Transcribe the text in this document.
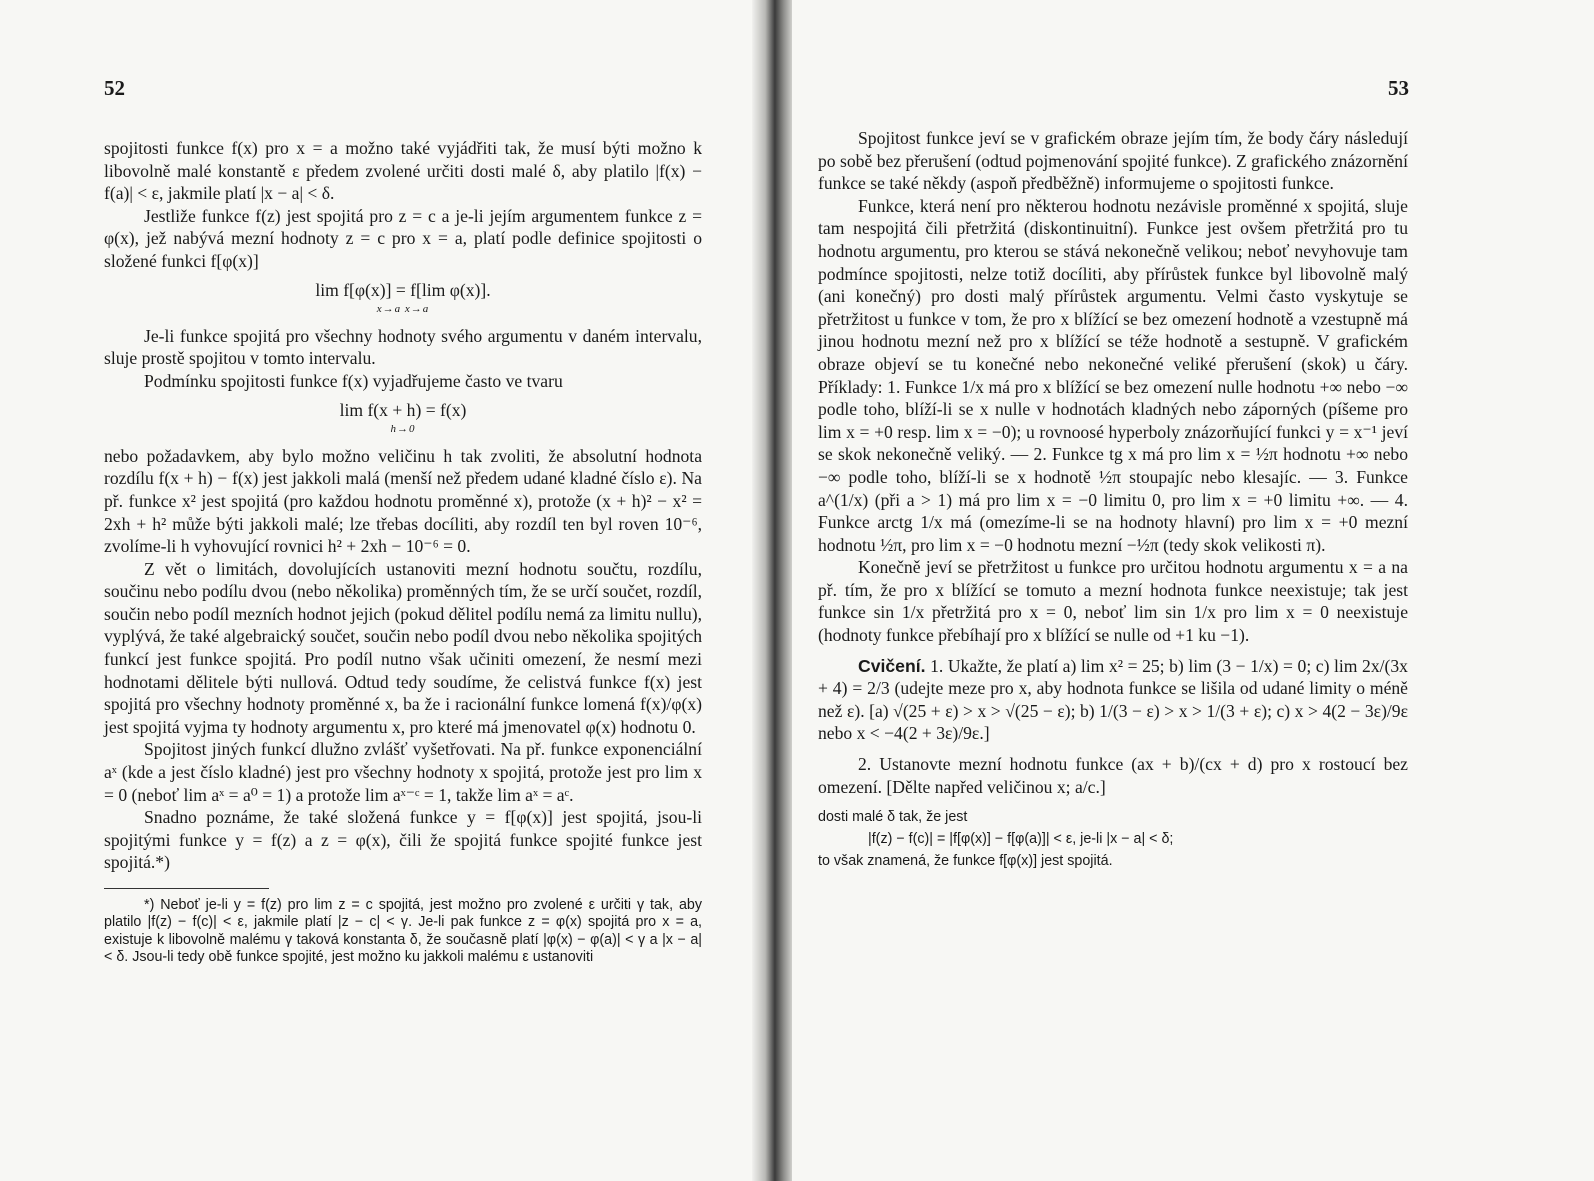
52

spojitosti funkce f(x) pro x = a možno také vyjádřiti tak, že musí býti možno k libovolně malé konstantě ε předem zvolené určiti dosti malé δ, aby platilo |f(x) − f(a)| < ε, jakmile platí |x − a| < δ.

Jestliže funkce f(z) jest spojitá pro z = c a je-li jejím argumentem funkce z = φ(x), jež nabývá mezní hodnoty z = c pro x = a, platí podle definice spojitosti o složené funkci f[φ(x)]

lim f[φ(x)] = f[lim φ(x)].
x→a x→a

Je-li funkce spojitá pro všechny hodnoty svého argumentu v daném intervalu, sluje prostě spojitou v tomto intervalu.

Podmínku spojitosti funkce f(x) vyjadřujeme často ve tvaru

lim f(x + h) = f(x)
h→0

nebo požadavkem, aby bylo možno veličinu h tak zvoliti, že absolutní hodnota rozdílu f(x + h) − f(x) jest jakkoli malá (menší než předem udané kladné číslo ε). Na př. funkce x² jest spojitá (pro každou hodnotu proměnné x), protože (x + h)² − x² = 2xh + h² může býti jakkoli malé; lze třebas docíliti, aby rozdíl ten byl roven 10⁻⁶, zvolíme-li h vyhovující rovnici h² + 2xh − 10⁻⁶ = 0.

Z vět o limitách, dovolujících ustanoviti mezní hodnotu součtu, rozdílu, součinu nebo podílu dvou (nebo několika) proměnných tím, že se určí součet, rozdíl, součin nebo podíl mezních hodnot jejich (pokud dělitel podílu nemá za limitu nullu), vyplývá, že také algebraický součet, součin nebo podíl dvou nebo několika spojitých funkcí jest funkce spojitá. Pro podíl nutno však učiniti omezení, že nesmí mezi hodnotami dělitele býti nullová. Odtud tedy soudíme, že celistvá funkce f(x) jest spojitá pro všechny hodnoty proměnné x, ba že i racionální funkce lomená f(x)/φ(x) jest spojitá vyjma ty hodnoty argumentu x, pro které má jmenovatel φ(x) hodnotu 0.

Spojitost jiných funkcí dlužno zvlášť vyšetřovati. Na př. funkce exponenciální aˣ (kde a jest číslo kladné) jest pro všechny hodnoty x spojitá, protože jest pro lim x = 0 (neboť lim aˣ = a⁰ = 1) a protože lim aˣ⁻ᶜ = 1, takže lim aˣ = aᶜ.

Snadno poznáme, že také složená funkce y = f[φ(x)] jest spojitá, jsou-li spojitými funkce y = f(z) a z = φ(x), čili že spojitá funkce spojité funkce jest spojitá.*)

*) Neboť je-li y = f(z) pro lim z = c spojitá, jest možno pro zvolené ε určiti γ tak, aby platilo |f(z) − f(c)| < ε, jakmile platí |z − c| < γ. Je-li pak funkce z = φ(x) spojitá pro x = a, existuje k libovolně malému γ taková konstanta δ, že současně platí |φ(x) − φ(a)| < γ a |x − a| < δ. Jsou-li tedy obě funkce spojité, jest možno ku jakkoli malému ε ustanoviti

53

Spojitost funkce jeví se v grafickém obraze jejím tím, že body čáry následují po sobě bez přerušení (odtud pojmenování spojité funkce). Z grafického znázornění funkce se také někdy (aspoň předběžně) informujeme o spojitosti funkce.

Funkce, která není pro některou hodnotu nezávisle proměnné x spojitá, sluje tam nespojitá čili přetržitá (diskontinuitní). Funkce jest ovšem přetržitá pro tu hodnotu argumentu, pro kterou se stává nekonečně velikou; neboť nevyhovuje tam podmínce spojitosti, nelze totiž docíliti, aby přírůstek funkce byl libovolně malý (ani konečný) pro dosti malý přírůstek argumentu. Velmi často vyskytuje se přetržitost u funkce v tom, že pro x blížící se bez omezení hodnotě a vzestupně má jinou hodnotu mezní než pro x blížící se téže hodnotě a sestupně. V grafickém obraze objeví se tu konečné nebo nekonečné veliké přerušení (skok) u čáry. Příklady: 1. Funkce 1/x má pro x blížící se bez omezení nulle hodnotu +∞ nebo −∞ podle toho, blíží-li se x nulle v hodnotách kladných nebo záporných (píšeme pro lim x = +0 resp. lim x = −0); u rovnoosé hyperboly znázorňující funkci y = x⁻¹ jeví se skok nekonečně veliký. — 2. Funkce tg x má pro lim x = ½π hodnotu +∞ nebo −∞ podle toho, blíží-li se x hodnotě ½π stoupajíc nebo klesajíc. — 3. Funkce a^(1/x) (při a > 1) má pro lim x = −0 limitu 0, pro lim x = +0 limitu +∞. — 4. Funkce arctg 1/x má (omezíme-li se na hodnoty hlavní) pro lim x = +0 mezní hodnotu ½π, pro lim x = −0 hodnotu mezní −½π (tedy skok velikosti π).

Konečně jeví se přetržitost u funkce pro určitou hodnotu argumentu x = a na př. tím, že pro x blížící se tomuto a mezní hodnota funkce neexistuje; tak jest funkce sin 1/x přetržitá pro x = 0, neboť lim sin 1/x pro lim x = 0 neexistuje (hodnoty funkce přebíhají pro x blížící se nulle od +1 ku −1).

Cvičení. 1. Ukažte, že platí a) lim x² = 25; b) lim (3 − 1/x) = 0; c) lim 2x/(3x + 4) = 2/3 (udejte meze pro x, aby hodnota funkce se lišila od udané limity o méně než ε). [a) √(25 + ε) > x > √(25 − ε); b) 1/(3 − ε) > x > 1/(3 + ε); c) x > 4(2 − 3ε)/9ε nebo x < −4(2 + 3ε)/9ε.]

2. Ustanovte mezní hodnotu funkce (ax + b)/(cx + d) pro x rostoucí bez omezení. [Dělte napřed veličinou x; a/c.]

dosti malé δ tak, že jest
|f(z) − f(c)| = |f[φ(x)] − f[φ(a)]| < ε, je-li |x − a| < δ;
to však znamená, že funkce f[φ(x)] jest spojitá.
